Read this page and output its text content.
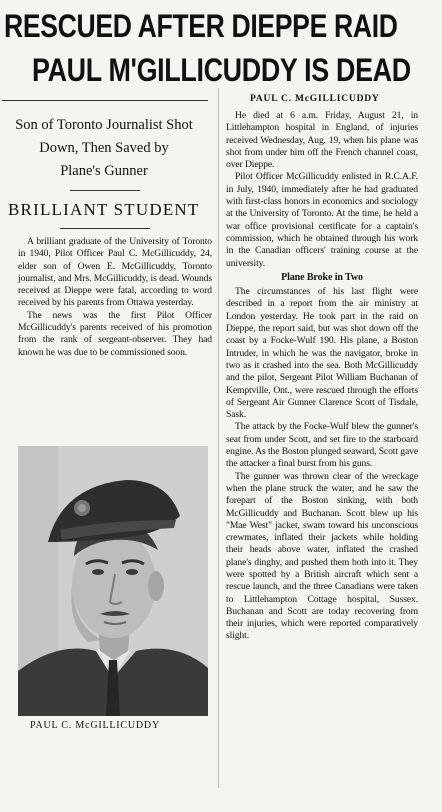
RESCUED AFTER DIEPPE RAID
PAUL M'GILLICUDDY IS DEAD
Son of Toronto Journalist Shot
Down, Then Saved by
Plane's Gunner
BRILLIANT STUDENT

A brilliant graduate of the University of Toronto in 1940, Pilot Officer Paul C. McGillicuddy, 24, elder son of Owen E. McGillicuddy, Toronto journalist, and Mrs. McGillicuddy, is dead. Wounds received at Dieppe were fatal, according to word received by his parents from Ottawa yesterday.

The news was the first Pilot Officer McGillicuddy's parents received of his promotion from the rank of sergeant-observer. They had known he was due to be commissioned soon.

PAUL C. McGILLICUDDY
PAUL C. McGILLICUDDY

He died at 6 a.m. Friday, August 21, in Littlehampton hospital in England, of injuries received Wednesday, Aug. 19, when his plane was shot from under him off the French channel coast, over Dieppe.

Pilot Officer McGillicuddy enlisted in R.C.A.F. in July, 1940, immediately after he had graduated with first-class honors in economics and sociology at the University of Toronto. At the time, he held a war office provisional certificate for a captain's commission, which he obtained through his work in the Canadian officers' training course at the university.

Plane Broke in Two

The circumstances of his last flight were described in a report from the air ministry at London yesterday. He took part in the raid on Dieppe, the report said, but was shot down off the coast by a Focke-Wulf 190. His plane, a Boston Intruder, in which he was the navigator, broke in two as it crashed into the sea. Both McGillicuddy and the pilot, Sergeant Pilot William Buchanan of Kemptville, Ont., were rescued through the efforts of Sergeant Air Gunner Clarence Scott of Tisdale, Sask.

The attack by the Focke-Wulf blew the gunner's seat from under Scott, and set fire to the starboard engine. As the Boston plunged seaward, Scott gave the attacker a final burst from his guns.

The gunner was thrown clear of the wreckage when the plane struck the water, and he saw the forepart of the Boston sinking, with both McGillicuddy and Buchanan. Scott blew up his "Mae West" jacket, swam toward his unconscious crewmates, inflated their jackets while holding their heads above water, inflated the crashed plane's dinghy, and pushed them both into it. They were spotted by a British aircraft which sent a rescue launch, and the three Canadians were taken to Littlehampton Cottage hospital, Sussex. Buchanan and Scott are today recovering from their injuries, which were reported comparatively slight.
